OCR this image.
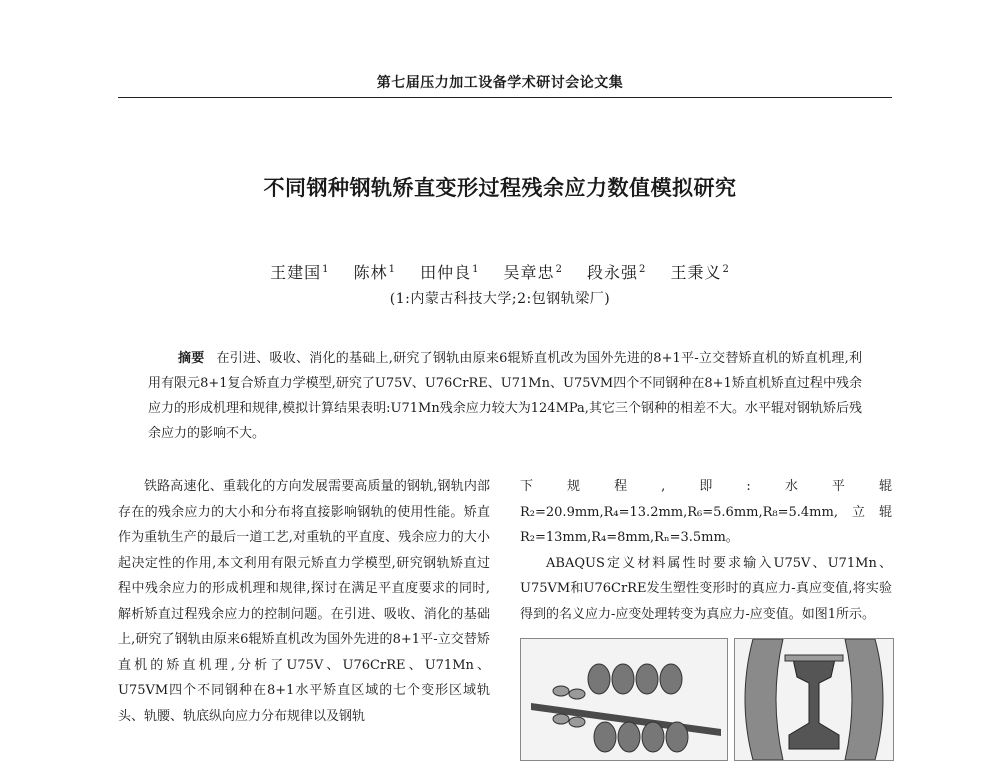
第七届压力加工设备学术研讨会论文集
不同钢种钢轨矫直变形过程残余应力数值模拟研究
王建国$^1$ 陈林$^1$ 田仲良$^1$ 吴章忠$^2$ 段永强$^2$ 王秉义$^2$
(1:内蒙古科技大学;2:包钢轨梁厂)

摘要 在引进、吸收、消化的基础上,研究了钢轨由原来6辊矫直机改为国外先进的8+1平-立交替矫直机的矫直机理,利用有限元8+1复合矫直力学模型,研究了U75V、U76CrRE、U71Mn、U75VM四个不同钢种在8+1矫直机矫直过程中残余应力的形成机理和规律,模拟计算结果表明:U71Mn残余应力较大为124MPa,其它三个钢种的相差不大。水平辊对钢轨矫后残余应力的影响不大。

铁路高速化、重载化的方向发展需要高质量的钢轨,钢轨内部存在的残余应力的大小和分布将直接影响钢轨的使用性能。矫直作为重轨生产的最后一道工艺,对重轨的平直度、残余应力的大小起决定性的作用,本文利用有限元矫直力学模型,研究钢轨矫直过程中残余应力的形成机理和规律,探讨在满足平直度要求的同时,解析矫直过程残余应力的控制问题。在引进、吸收、消化的基础上,研究了钢轨由原来6辊矫直机改为国外先进的8+1平-立交替矫直机的矫直机理,分析了U75V、U76CrRE、U71Mn、U75VM四个不同钢种在8+1水平矫直区域的七个变形区域轨头、轨腰、轨底纵向应力分布规律以及钢轨

下规程,即:水平辊R₂=20.9mm,R₄=13.2mm,R₆=5.6mm,R₈=5.4mm,立辊R₂=13mm,R₄=8mm,Rₙ=3.5mm。

ABAQUS定义材料属性时要求输入U75V、U71Mn、U75VM和U76CrRE发生塑性变形时的真应力-真应变值,将实验得到的名义应力-应变处理转变为真应力-应变值。如图1所示。
